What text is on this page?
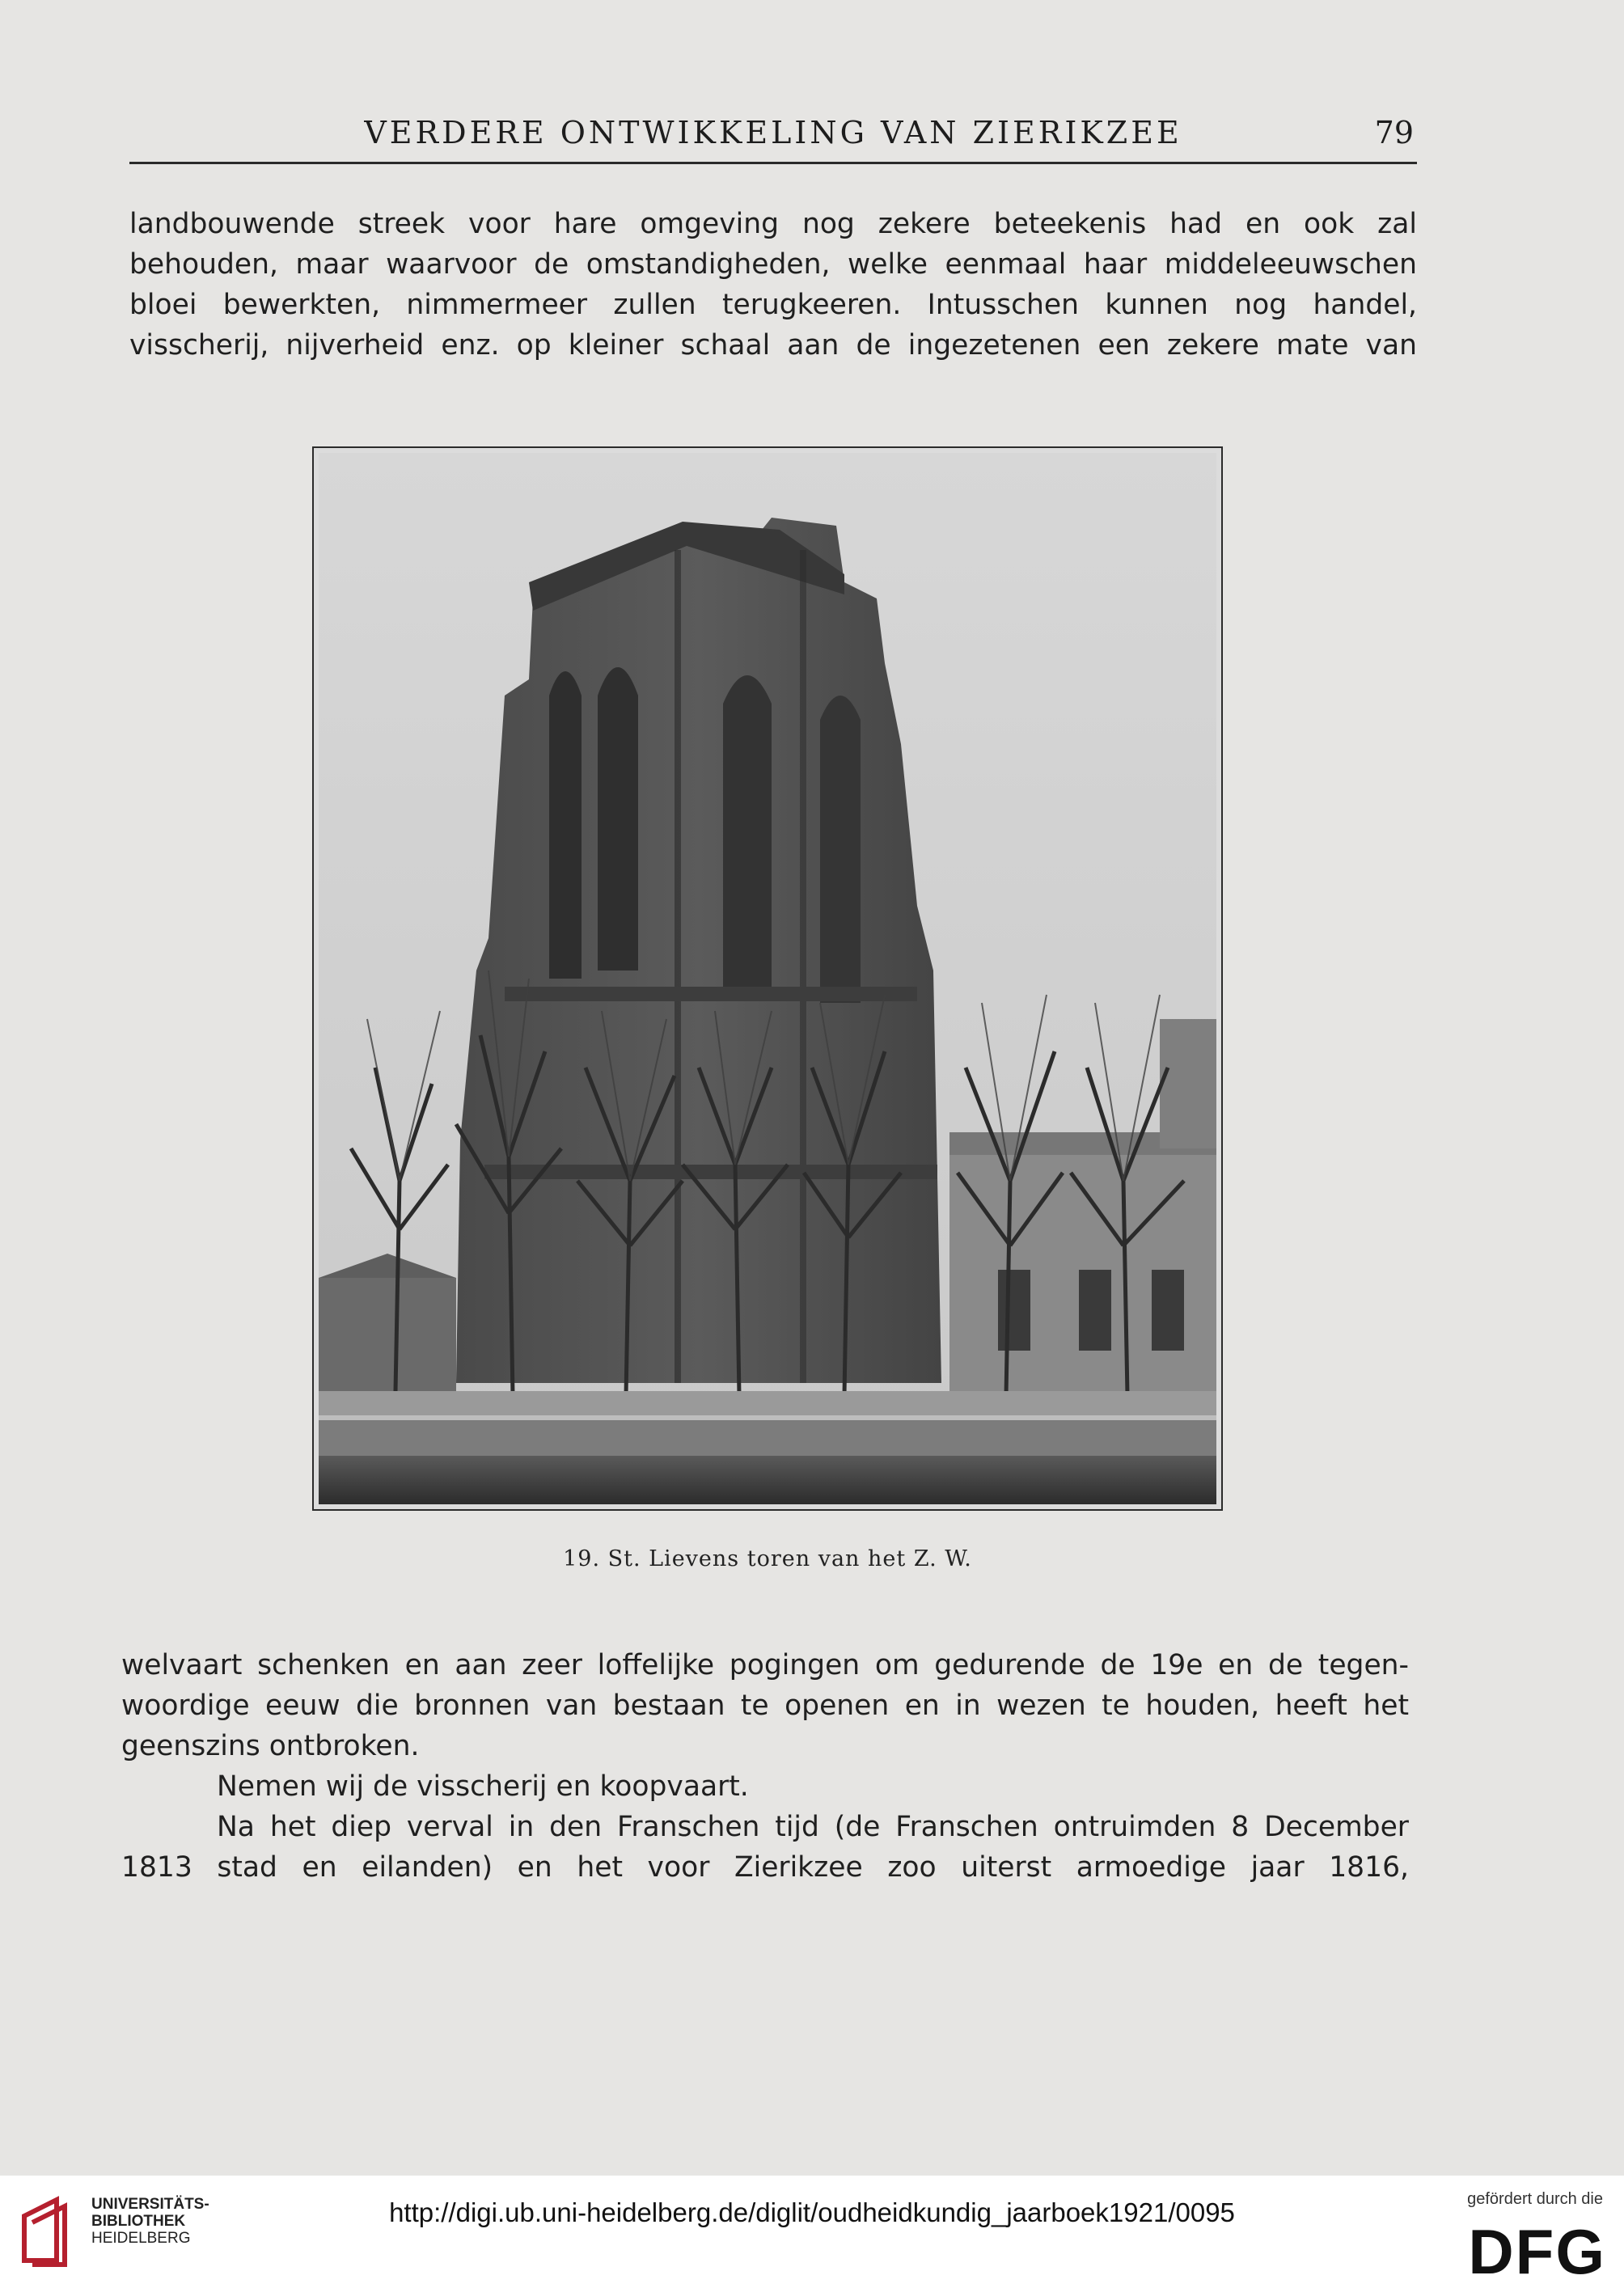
VERDERE ONTWIKKELING VAN ZIERIKZEE	79
landbouwende streek voor hare omgeving nog zekere beteekenis had en ook zal
behouden, maar waarvoor de omstandigheden, welke eenmaal haar middeleeuwschen
bloei bewerkten, nimmermeer zullen terugkeeren. Intusschen kunnen nog handel,
visscherij, nijverheid enz. op kleiner schaal aan de ingezetenen een zekere mate van
19. St. Lievens toren van het Z. W.
welvaart schenken en aan zeer loffelijke pogingen om gedurende de 19e en de tegen-
woordige eeuw die bronnen van bestaan te openen en in wezen te houden, heeft het
geenszins ontbroken.
Nemen wij de visscherij en koopvaart.
Na het diep verval in den Franschen tijd (de Franschen ontruimden 8 December
1813 stad en eilanden) en het voor Zierikzee zoo uiterst armoedige jaar 1816,
UNIVERSITÄTS-
BIBLIOTHEK
HEIDELBERG
http://digi.ub.uni-heidelberg.de/diglit/oudheidkundig_jaarboek1921/0095	gefördert durch die
DFG
